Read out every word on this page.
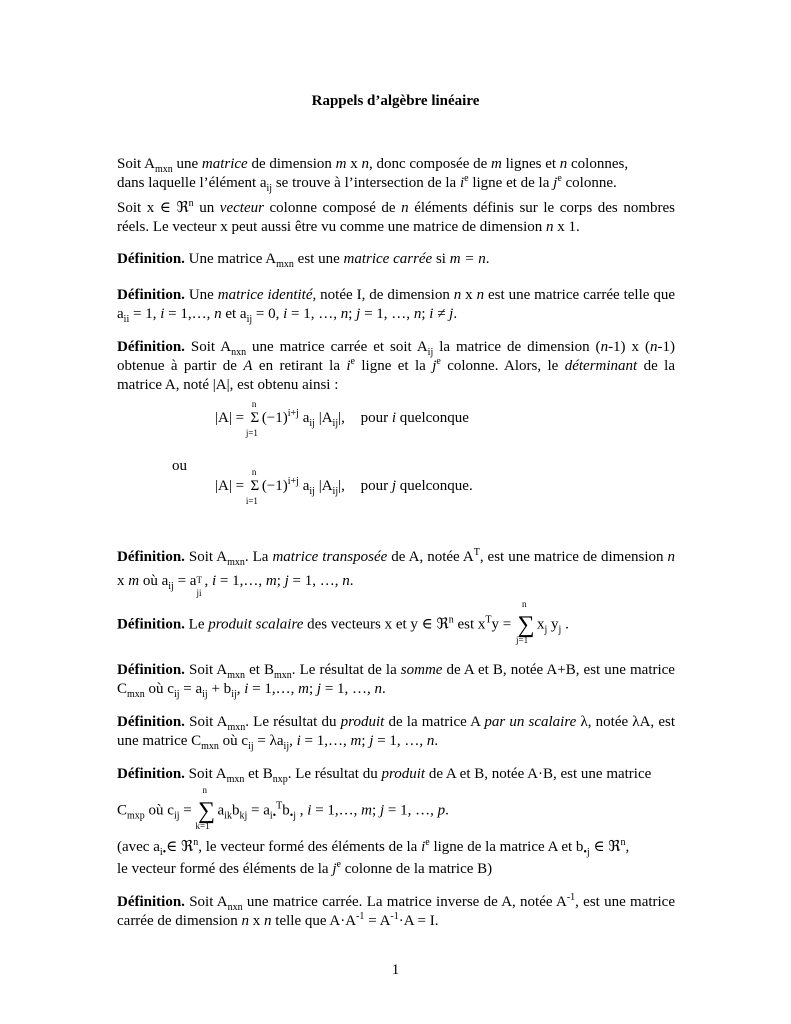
Rappels d’algèbre linéaire
Soit $A_{mxn}$ une matrice de dimension m x n, donc composée de m lignes et n colonnes,
dans laquelle l’élément $a_{ij}$ se trouve à l’intersection de la $i^e$ ligne et de la $j^e$ colonne.
Soit x ∈ ℜ$^n$ un vecteur colonne composé de n éléments définis sur le corps des nombres réels. Le vecteur x peut aussi être vu comme une matrice de dimension n x 1.
Définition. Une matrice $A_{mxn}$ est une matrice carrée si m = n.
Définition. Une matrice identité, notée I, de dimension n x n est une matrice carrée telle que $a_{ii} = 1$, i = 1,…, n et $a_{ij} = 0$, i = 1, …, n; j = 1, …, n; i ≠ j.
Définition. Soit $A_{nxn}$ une matrice carrée et soit $A_{ij}$ la matrice de dimension (n-1) x (n-1) obtenue à partir de A en retirant la $i^e$ ligne et la $j^e$ colonne. Alors, le déterminant de la matrice A, noté |A|, est obtenu ainsi :
|A| =
n
Σ
j=1
$(-1)^{i+j}$ $a_{ij}$ $|A_{ij}|$, pour i quelconque
ou
|A| =
n
Σ
i=1
$(-1)^{i+j}$ $a_{ij}$ $|A_{ij}|$, pour j quelconque.
Définition. Soit $A_{mxn}$. La matrice transposée de A, notée $A^T$, est une matrice de dimension n x m où $a_{ij} = a$ T
ji
, i = 1,…, m; j = 1, …, n.
Définition. Le produit scalaire des vecteurs x et y ∈ ℜ$^n$ est $x^Ty$ =
n
∑
j=1
$x_j$ $y_j$ .
Définition. Soit $A_{mxn}$ et $B_{mxn}$. Le résultat de la somme de A et B, notée A+B, est une matrice $C_{mxn}$ où $c_{ij} = a_{ij} + b_{ij}$, i = 1,…, m; j = 1, …, n.
Définition. Soit $A_{mxn}$. Le résultat du produit de la matrice A par un scalaire λ, notée λA, est une matrice $C_{mxn}$ où $c_{ij} = \lambda a_{ij}$, i = 1,…, m; j = 1, …, n.
Définition. Soit $A_{mxn}$ et $B_{nxp}$. Le résultat du produit de A et B, notée A·B, est une matrice
$C_{mxp}$ où $c_{ij}$ =
n
∑
k=1
$a_{ik}b_{kj} = a_{i•}^Tb_{•j}$ , i = 1,…, m; j = 1, …, p.
(avec $a_{i•}\in$ ℜ$^n$, le vecteur formé des éléments de la $i^e$ ligne de la matrice A et $b_{•j}$ ∈ ℜ$^n$,
le vecteur formé des éléments de la $j^e$ colonne de la matrice B)
Définition. Soit $A_{nxn}$ une matrice carrée. La matrice inverse de A, notée $A^{-1}$, est une matrice carrée de dimension n x n telle que $A\cdot A^{-1} = A^{-1}\cdot A = I$.
1
